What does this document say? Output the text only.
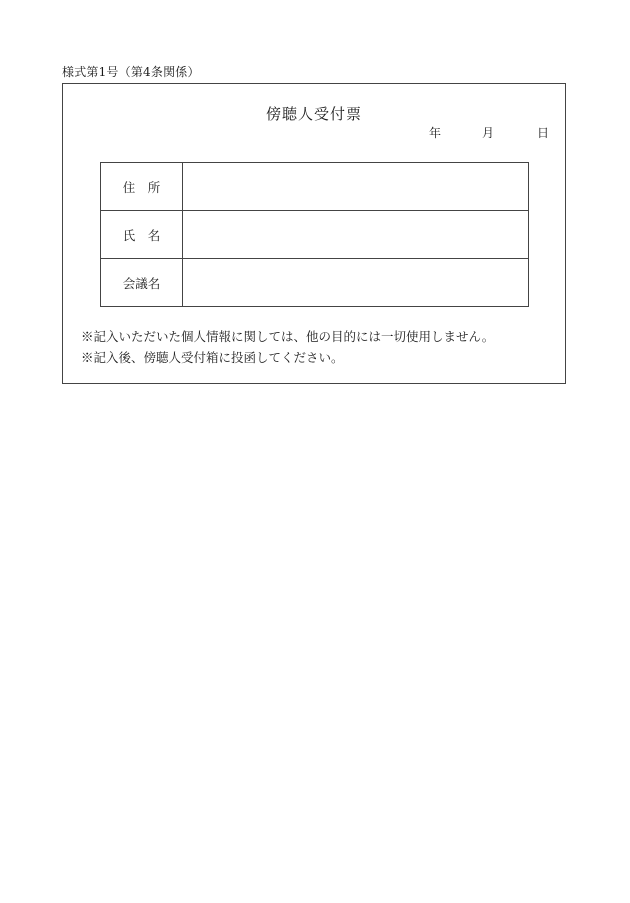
様式第1号（第4条関係）
傍聴人受付票
年	月	日
住　所	
氏　名	
会議名	
※記入いただいた個人情報に関しては、他の目的には一切使用しません。
※記入後、傍聴人受付箱に投函してください。
